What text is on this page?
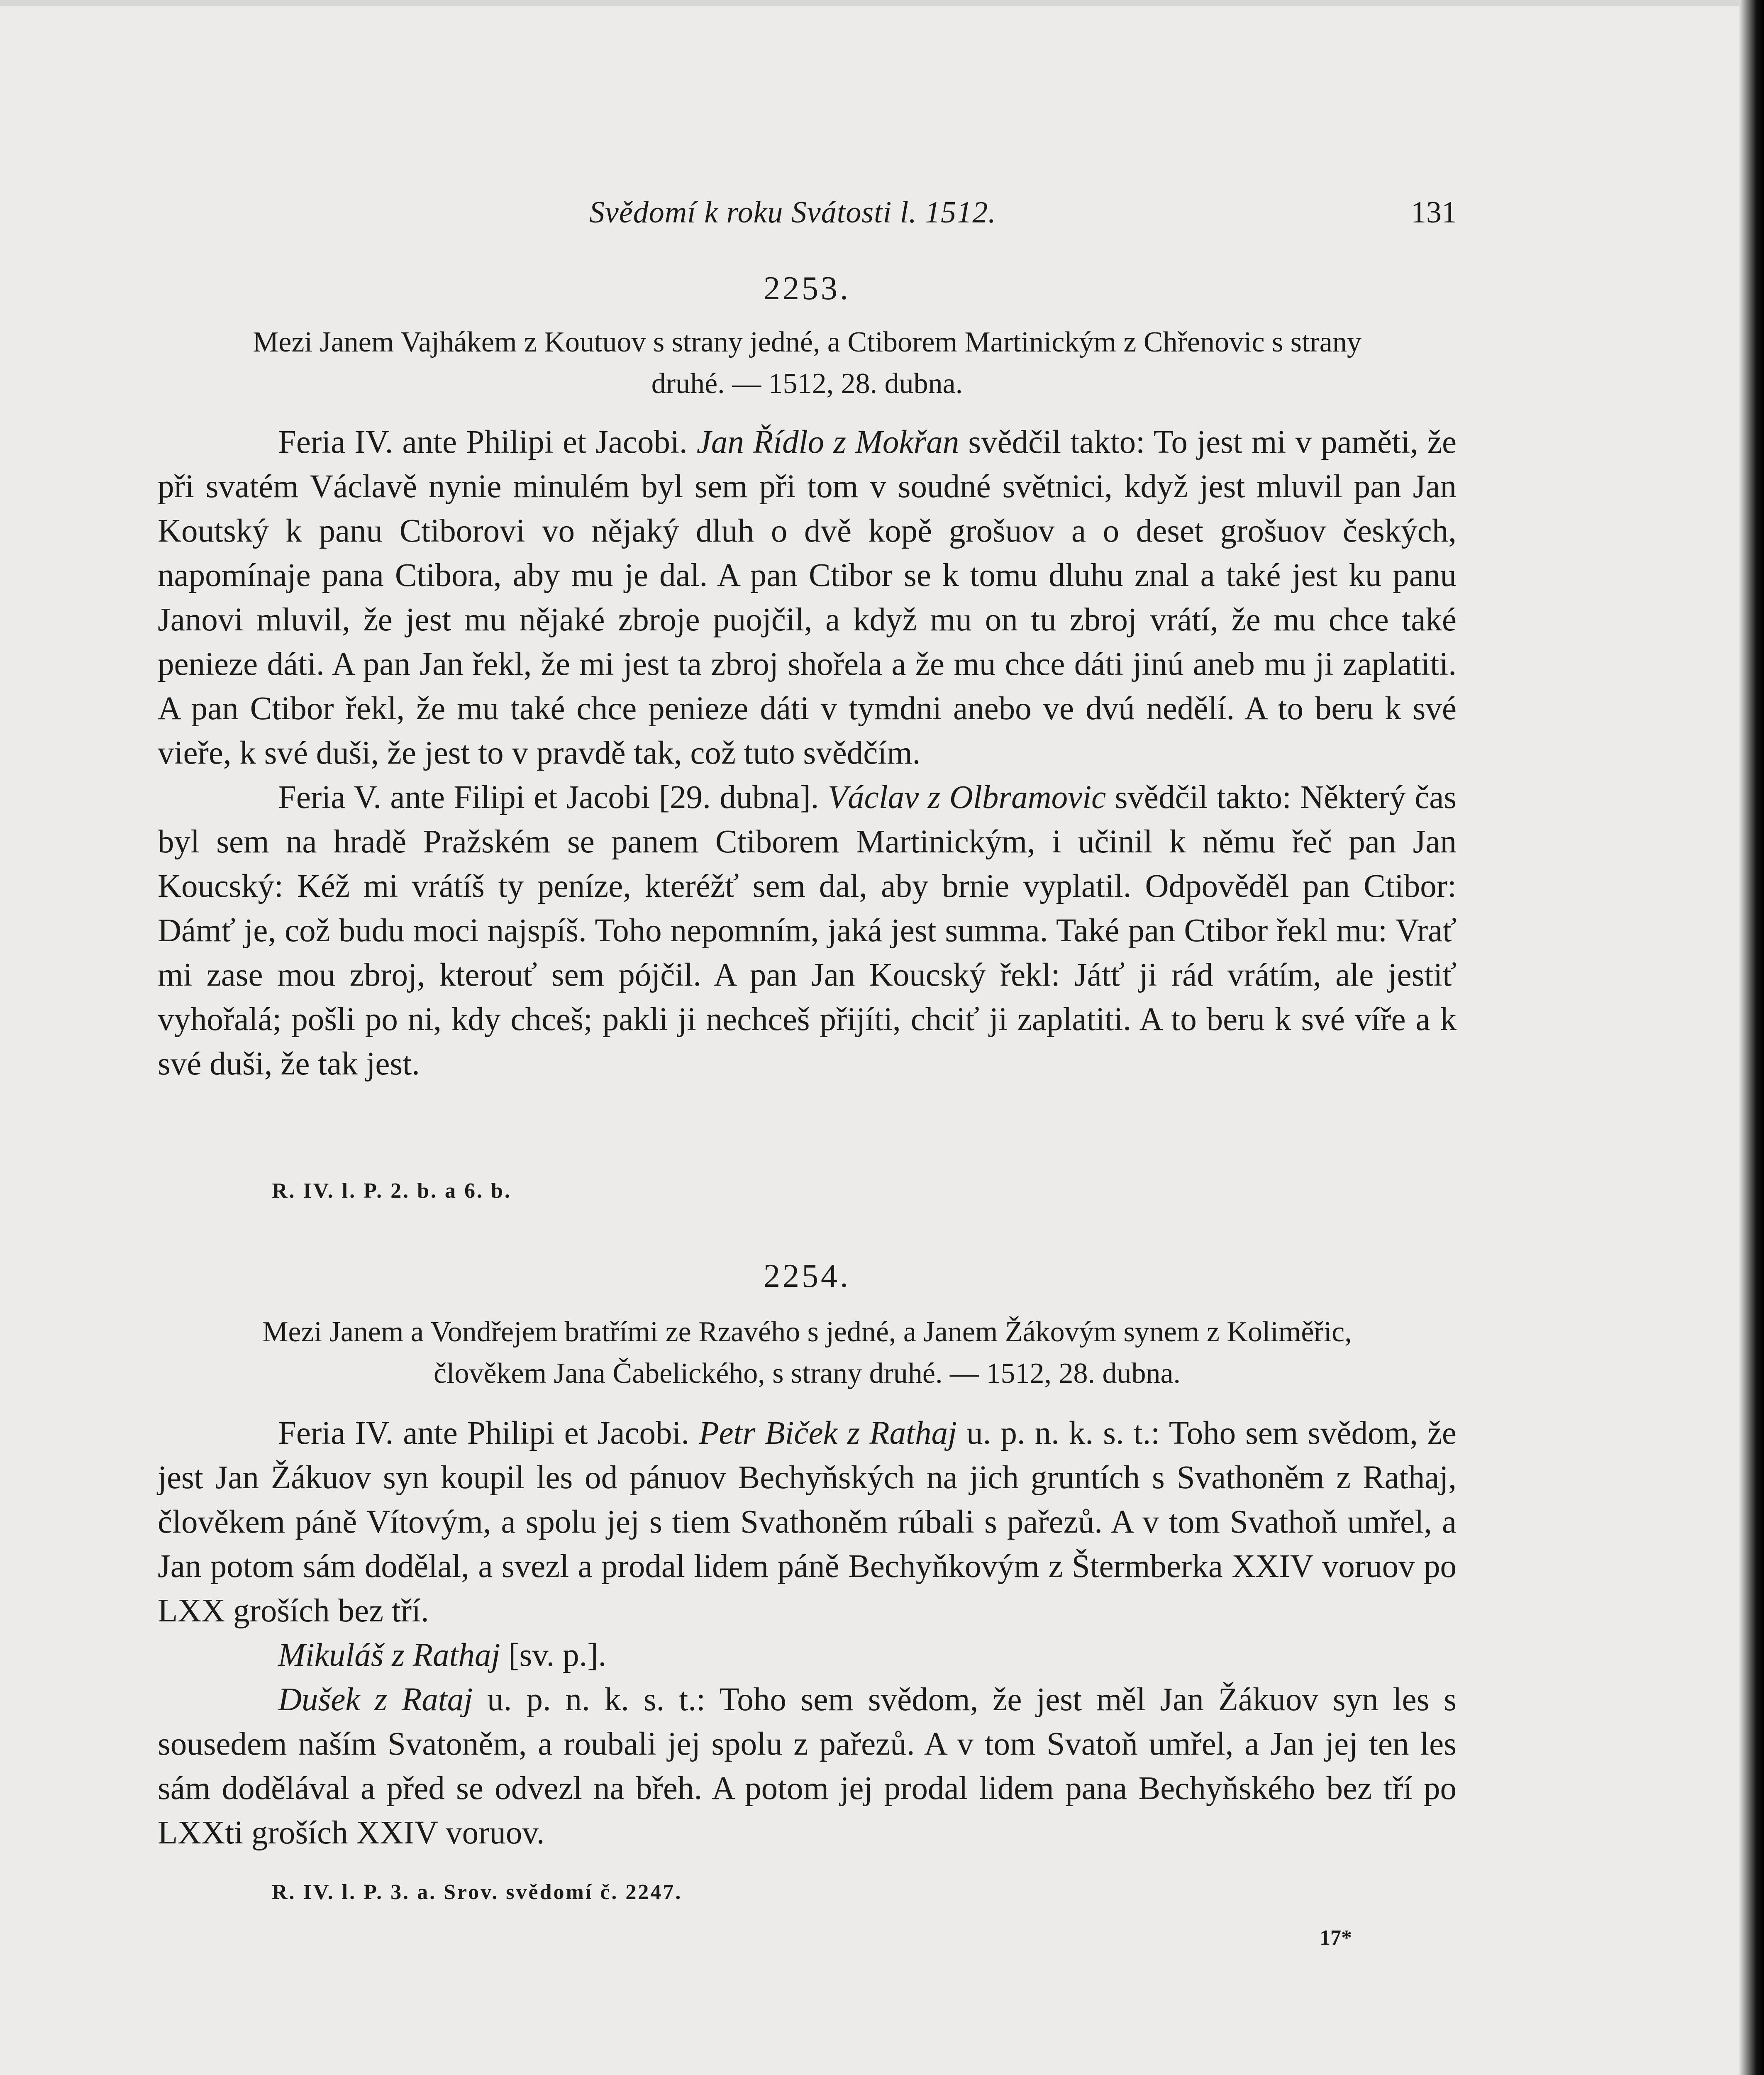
Svědomí k roku Svátosti l. 1512.	131
2253.
Mezi Janem Vajhákem z Koutuov s strany jedné, a Ctiborem Martinickým z Chřenovic s strany
druhé. — 1512, 28. dubna.

Feria IV. ante Philipi et Jacobi. Jan Řídlo z Mokřan svědčil takto: To jest mi v paměti, že při svatém Václavě nynie minulém byl sem při tom v soudné světnici, když jest mluvil pan Jan Koutský k panu Ctiborovi vo nějaký dluh o dvě kopě grošuov a o deset grošuov českých, napomínaje pana Ctibora, aby mu je dal. A pan Ctibor se k tomu dluhu znal a také jest ku panu Janovi mluvil, že jest mu nějaké zbroje puojčil, a když mu on tu zbroj vrátí, že mu chce také penieze dáti. A pan Jan řekl, že mi jest ta zbroj shořela a že mu chce dáti jinú aneb mu ji zaplatiti. A pan Ctibor řekl, že mu také chce penieze dáti v tymdni anebo ve dvú nedělí. A to beru k své vieře, k své duši, že jest to v pravdě tak, což tuto svědčím.

Feria V. ante Filipi et Jacobi [29. dubna]. Václav z Olbramovic svědčil takto: Některý čas byl sem na hradě Pražském se panem Ctiborem Martinickým, i učinil k němu řeč pan Jan Koucský: Kéž mi vrátíš ty peníze, kteréžť sem dal, aby brnie vyplatil. Odpověděl pan Ctibor: Dámť je, což budu moci najspíš. Toho nepomním, jaká jest summa. Také pan Ctibor řekl mu: Vrať mi zase mou zbroj, kterouť sem pójčil. A pan Jan Koucský řekl: Játť ji rád vrátím, ale jestiť vyhořalá; pošli po ni, kdy chceš; pakli ji nechceš přijíti, chciť ji zaplatiti. A to beru k své víře a k své duši, že tak jest.

R. IV. l. P. 2. b. a 6. b.
2254.
Mezi Janem a Vondřejem bratřími ze Rzavého s jedné, a Janem Žákovým synem z Koliměřic,
člověkem Jana Čabelického, s strany druhé. — 1512, 28. dubna.

Feria IV. ante Philipi et Jacobi. Petr Biček z Rathaj u. p. n. k. s. t.: Toho sem svědom, že jest Jan Žákuov syn koupil les od pánuov Bechyňských na jich gruntích s Svathoněm z Rathaj, člověkem páně Vítovým, a spolu jej s tiem Svathoněm rúbali s pařezů. A v tom Svathoň umřel, a Jan potom sám dodělal, a svezl a prodal lidem páně Bechyňkovým z Štermberka XXIV voruov po LXX groších bez tří.

Mikuláš z Rathaj [sv. p.].

Dušek z Rataj u. p. n. k. s. t.: Toho sem svědom, že jest měl Jan Žákuov syn les s sousedem naším Svatoněm, a roubali jej spolu z pařezů. A v tom Svatoň umřel, a Jan jej ten les sám dodělával a před se odvezl na břeh. A potom jej prodal lidem pana Bechyňského bez tří po LXXti groších XXIV voruov.

R. IV. l. P. 3. a. Srov. svědomí č. 2247.
17*
